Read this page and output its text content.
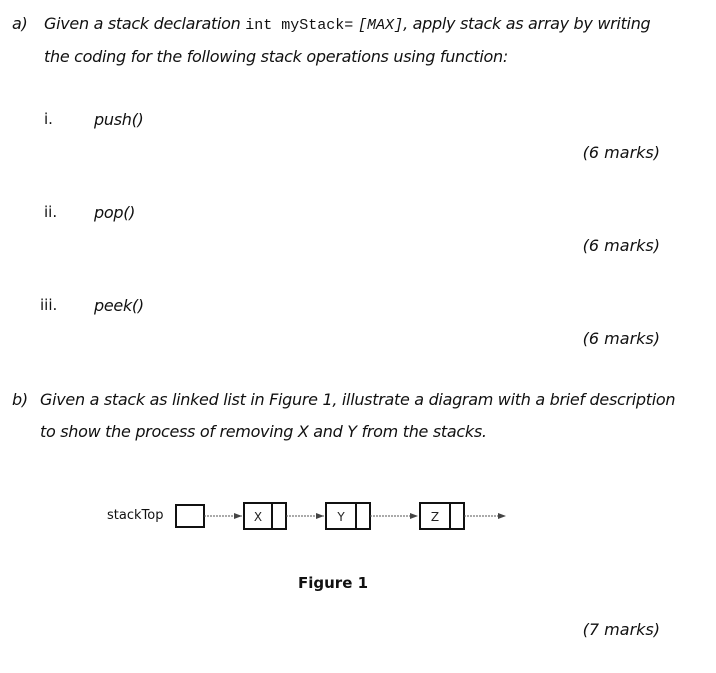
a) Given a stack declaration int myStack= [MAX], apply stack as array by writing
the coding for the following stack operations using function:
i.	push()
(6 marks)
ii. pop()
(6 marks)
iii. peek()
(6 marks)
b) Given a stack as linked list in Figure 1, illustrate a diagram with a brief description
to show the process of removing X and Y from the stacks.
stackTop	X	Y	Z
Figure 1
(7 marks)
